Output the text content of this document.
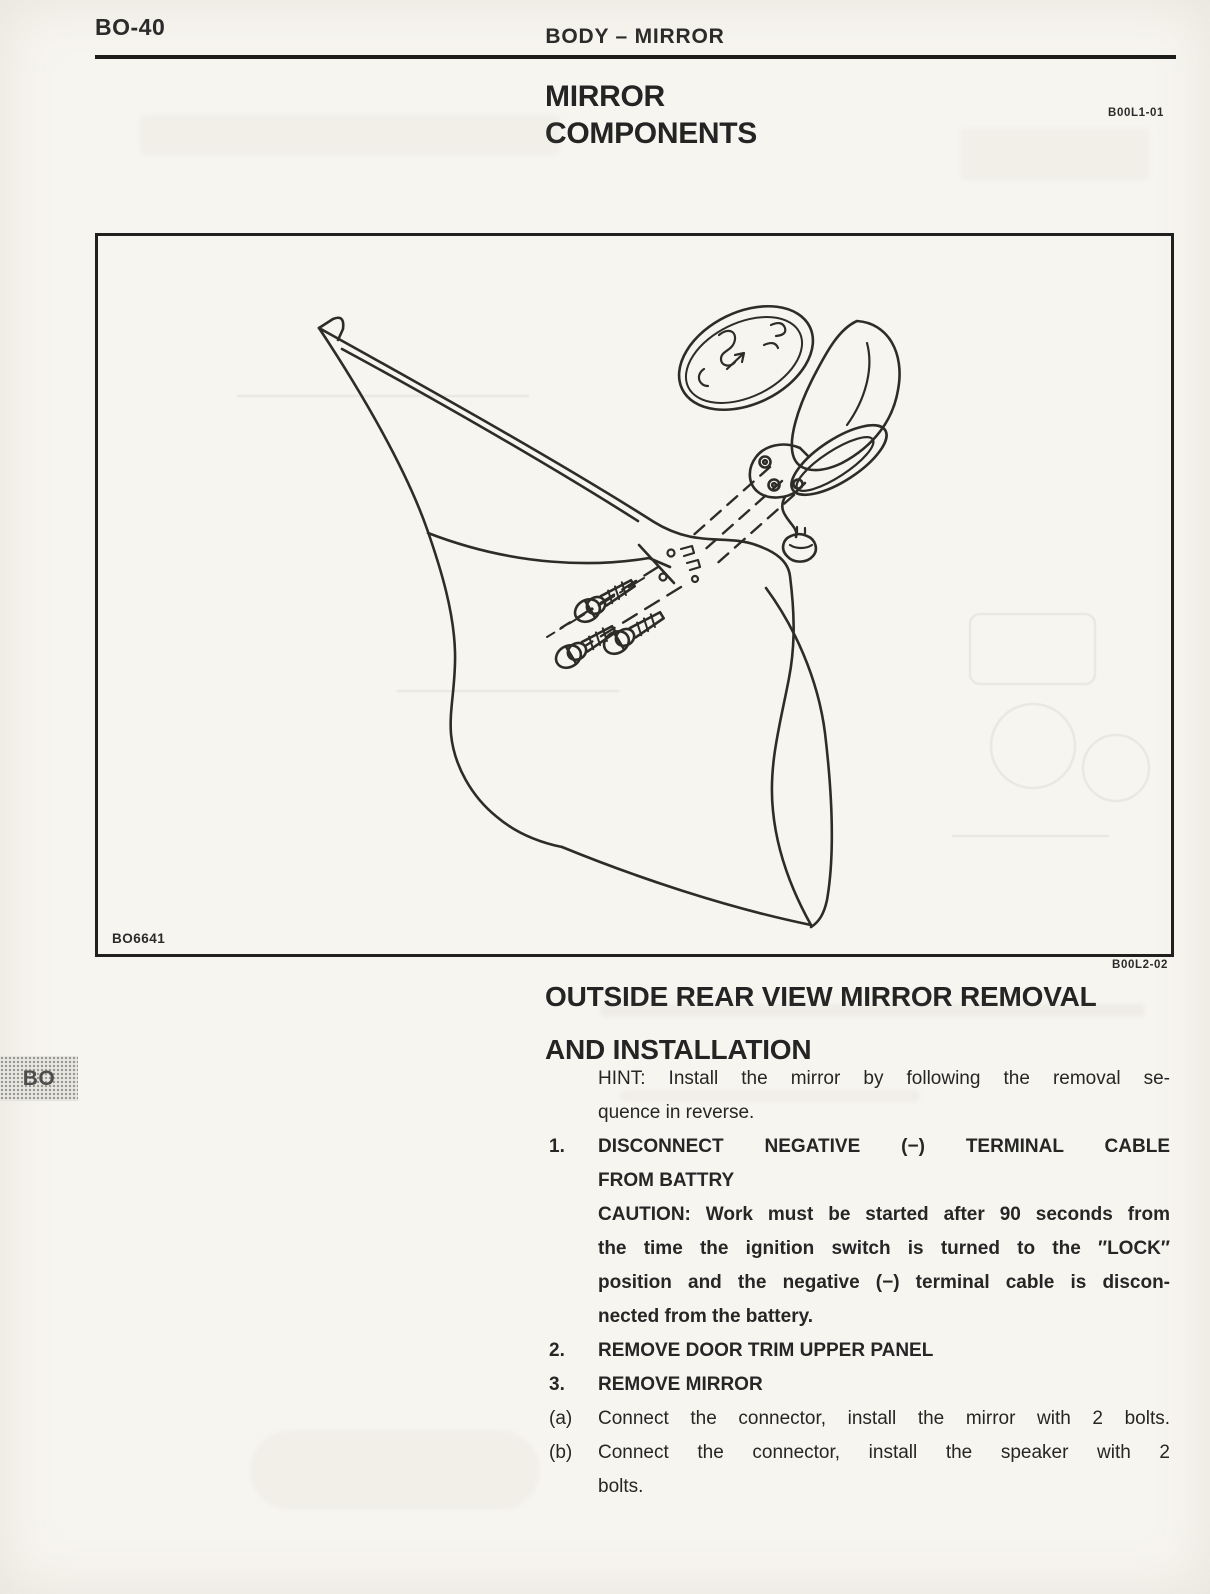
BO-40	BODY – MIRROR
MIRROR
COMPONENTS
B00L1-01
BO6641
B00L2-02
OUTSIDE REAR VIEW MIRROR REMOVAL
AND INSTALLATION
HINT: Install the mirror by following the removal se-
quence in reverse.
1.	DISCONNECT NEGATIVE (−) TERMINAL CABLE
FROM BATTRY
CAUTION: Work must be started after 90 seconds from
the time the ignition switch is turned to the ″LOCK″
position and the negative (−) terminal cable is discon-
nected from the battery.
2.	REMOVE DOOR TRIM UPPER PANEL
3.	REMOVE MIRROR
(a)	Connect the connector, install the mirror with 2 bolts.
(b)	Connect the connector, install the speaker with 2
bolts.
BO
